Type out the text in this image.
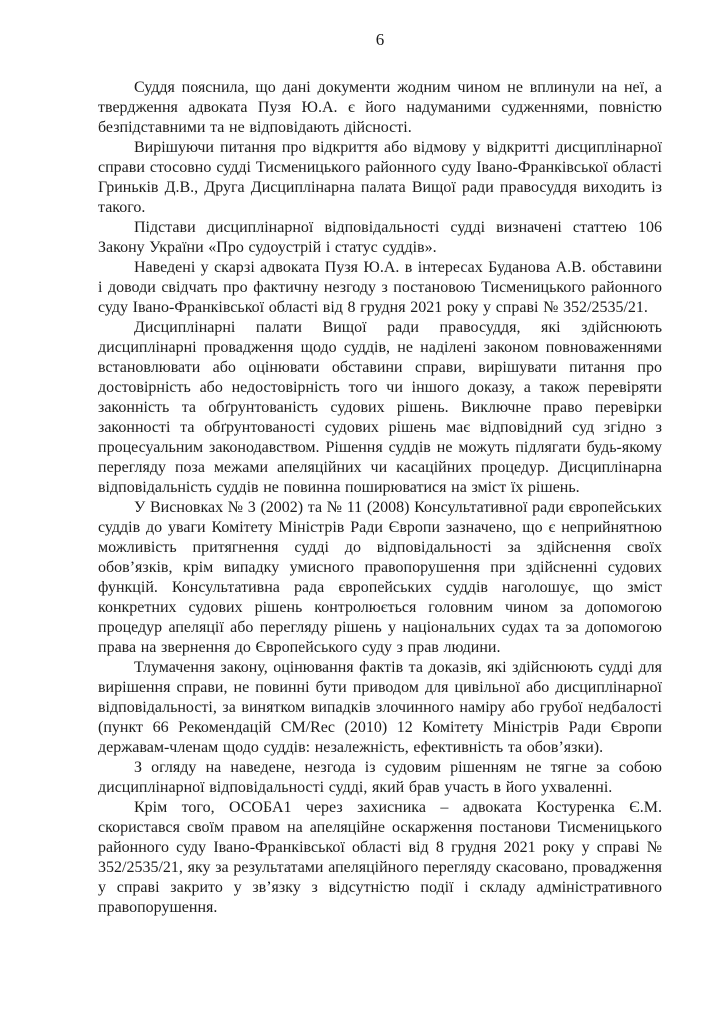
6

Суддя пояснила, що дані документи жодним чином не вплинули на неї, а твердження адвоката Пузя Ю.А. є його надуманими судженнями, повністю безпідставними та не відповідають дійсності.

Вирішуючи питання про відкриття або відмову у відкритті дисциплінарної справи стосовно судді Тисменицького районного суду Івано-Франківської області Гриньків Д.В., Друга Дисциплінарна палата Вищої ради правосуддя виходить із такого.

Підстави дисциплінарної відповідальності судді визначені статтею 106 Закону України «Про судоустрій і статус суддів».

Наведені у скарзі адвоката Пузя Ю.А. в інтересах Буданова А.В. обставини і доводи свідчать про фактичну незгоду з постановою Тисменицького районного суду Івано-Франківської області від 8 грудня 2021 року у справі № 352/2535/21.

Дисциплінарні палати Вищої ради правосуддя, які здійснюють дисциплінарні провадження щодо суддів, не наділені законом повноваженнями встановлювати або оцінювати обставини справи, вирішувати питання про достовірність або недостовірність того чи іншого доказу, а також перевіряти законність та обґрунтованість судових рішень. Виключне право перевірки законності та обґрунтованості судових рішень має відповідний суд згідно з процесуальним законодавством. Рішення суддів не можуть підлягати будь-якому перегляду поза межами апеляційних чи касаційних процедур. Дисциплінарна відповідальність суддів не повинна поширюватися на зміст їх рішень.

У Висновках № 3 (2002) та № 11 (2008) Консультативної ради європейських суддів до уваги Комітету Міністрів Ради Європи зазначено, що є неприйнятною можливість притягнення судді до відповідальності за здійснення своїх обов’язків, крім випадку умисного правопорушення при здійсненні судових функцій. Консультативна рада європейських суддів наголошує, що зміст конкретних судових рішень контролюється головним чином за допомогою процедур апеляції або перегляду рішень у національних судах та за допомогою права на звернення до Європейського суду з прав людини.

Тлумачення закону, оцінювання фактів та доказів, які здійснюють судді для вирішення справи, не повинні бути приводом для цивільної або дисциплінарної відповідальності, за винятком випадків злочинного наміру або грубої недбалості (пункт 66 Рекомендацій CM/Rec (2010) 12 Комітету Міністрів Ради Європи державам-членам щодо суддів: незалежність, ефективність та обов’язки).

З огляду на наведене, незгода із судовим рішенням не тягне за собою дисциплінарної відповідальності судді, який брав участь в його ухваленні.

Крім того, ОСОБА1 через захисника – адвоката Костуренка Є.М. скористався своїм правом на апеляційне оскарження постанови Тисменицького районного суду Івано-Франківської області від 8 грудня 2021 року у справі № 352/2535/21, яку за результатами апеляційного перегляду скасовано, провадження у справі закрито у зв’язку з відсутністю події і складу адміністративного правопорушення.
